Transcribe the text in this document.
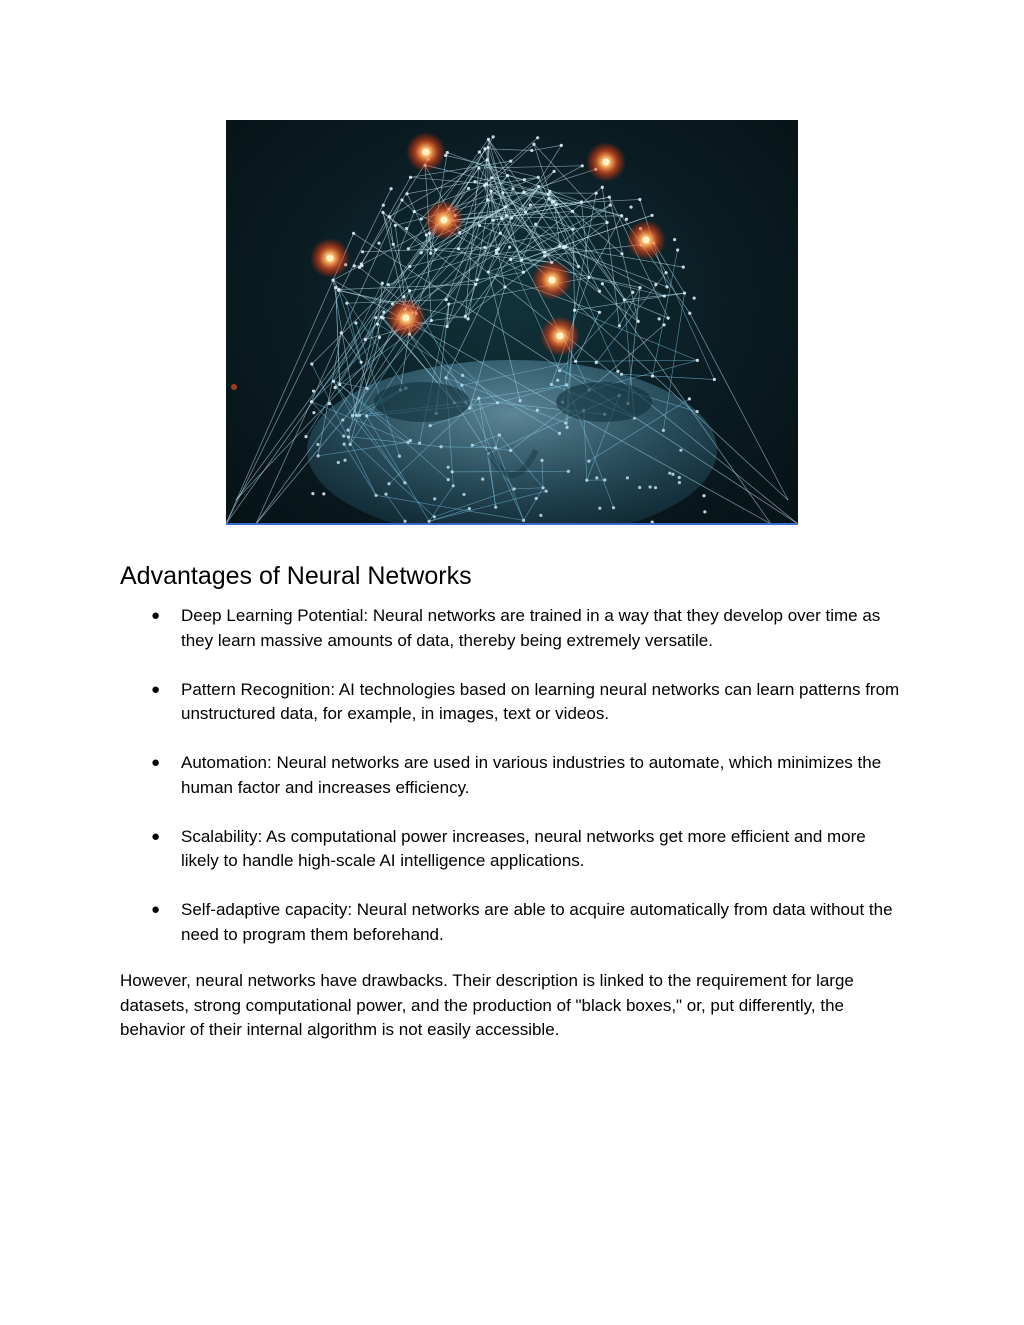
Advantages of Neural Networks
● Deep Learning Potential: Neural networks are trained in a way that they develop over time as they learn massive amounts of data, thereby being extremely versatile.
● Pattern Recognition: AI technologies based on learning neural networks can learn patterns from unstructured data, for example, in images, text or videos.
● Automation: Neural networks are used in various industries to automate, which minimizes the human factor and increases efficiency.
● Scalability: As computational power increases, neural networks get more efficient and more likely to handle high-scale AI intelligence applications.
● Self-adaptive capacity: Neural networks are able to acquire automatically from data without the need to program them beforehand.

However, neural networks have drawbacks. Their description is linked to the requirement for large datasets, strong computational power, and the production of "black boxes," or, put differently, the behavior of their internal algorithm is not easily accessible.
